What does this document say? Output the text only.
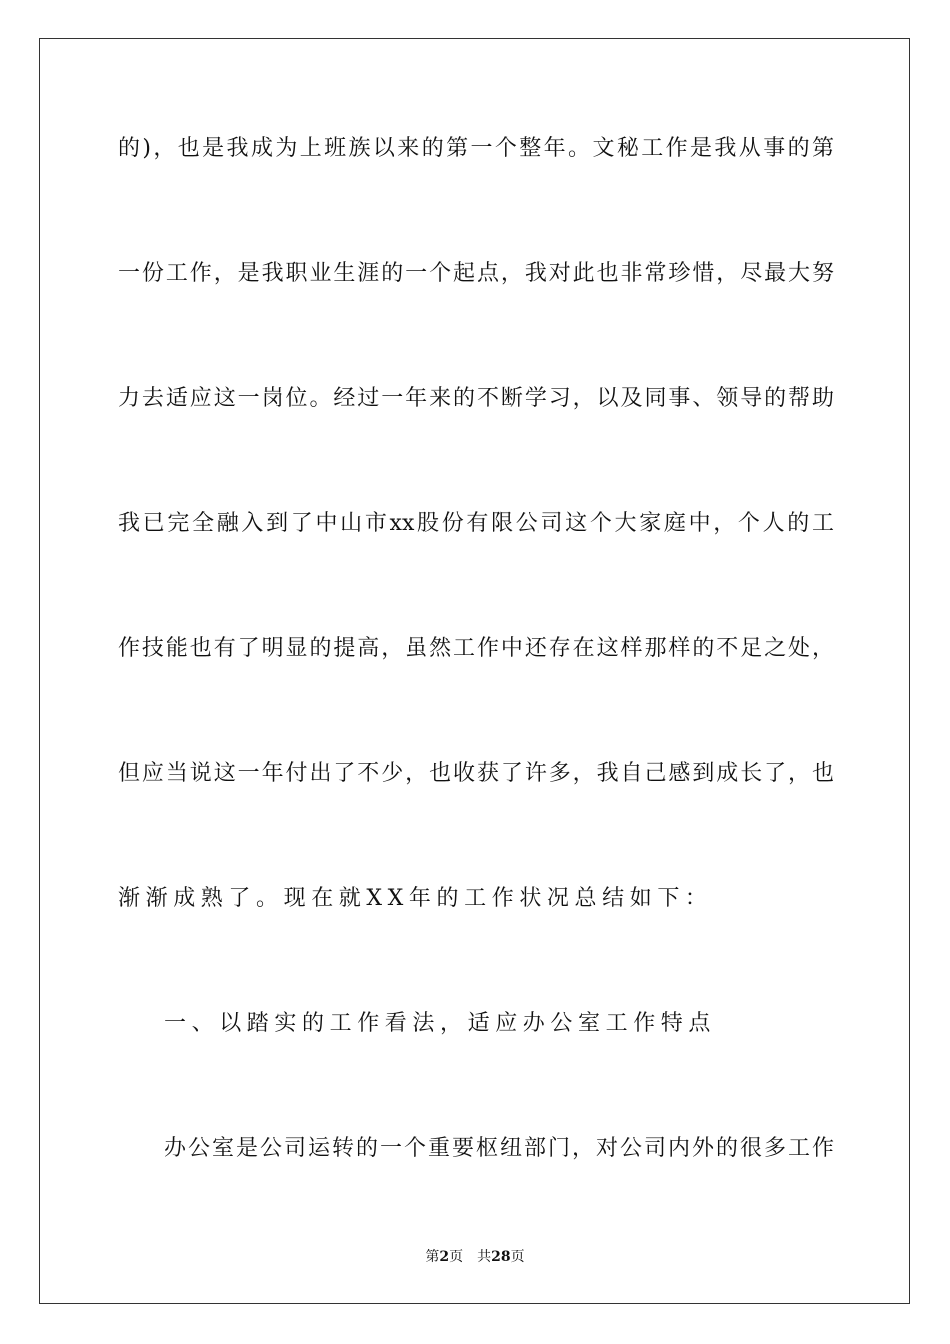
的)，也是我成为上班族以来的第一个整年。文秘工作是我从事的第
一份工作，是我职业生涯的一个起点，我对此也非常珍惜，尽最大努
力去适应这一岗位。经过一年来的不断学习，以及同事、领导的帮助
我已完全融入到了中山市xx股份有限公司这个大家庭中，个人的工
作技能也有了明显的提高，虽然工作中还存在这样那样的不足之处，
但应当说这一年付出了不少，也收获了许多，我自己感到成长了，也
渐渐成熟了。现在就XX年的工作状况总结如下：
一、以踏实的工作看法，适应办公室工作特点
办公室是公司运转的一个重要枢纽部门，对公司内外的很多工作
第2页 共28页
